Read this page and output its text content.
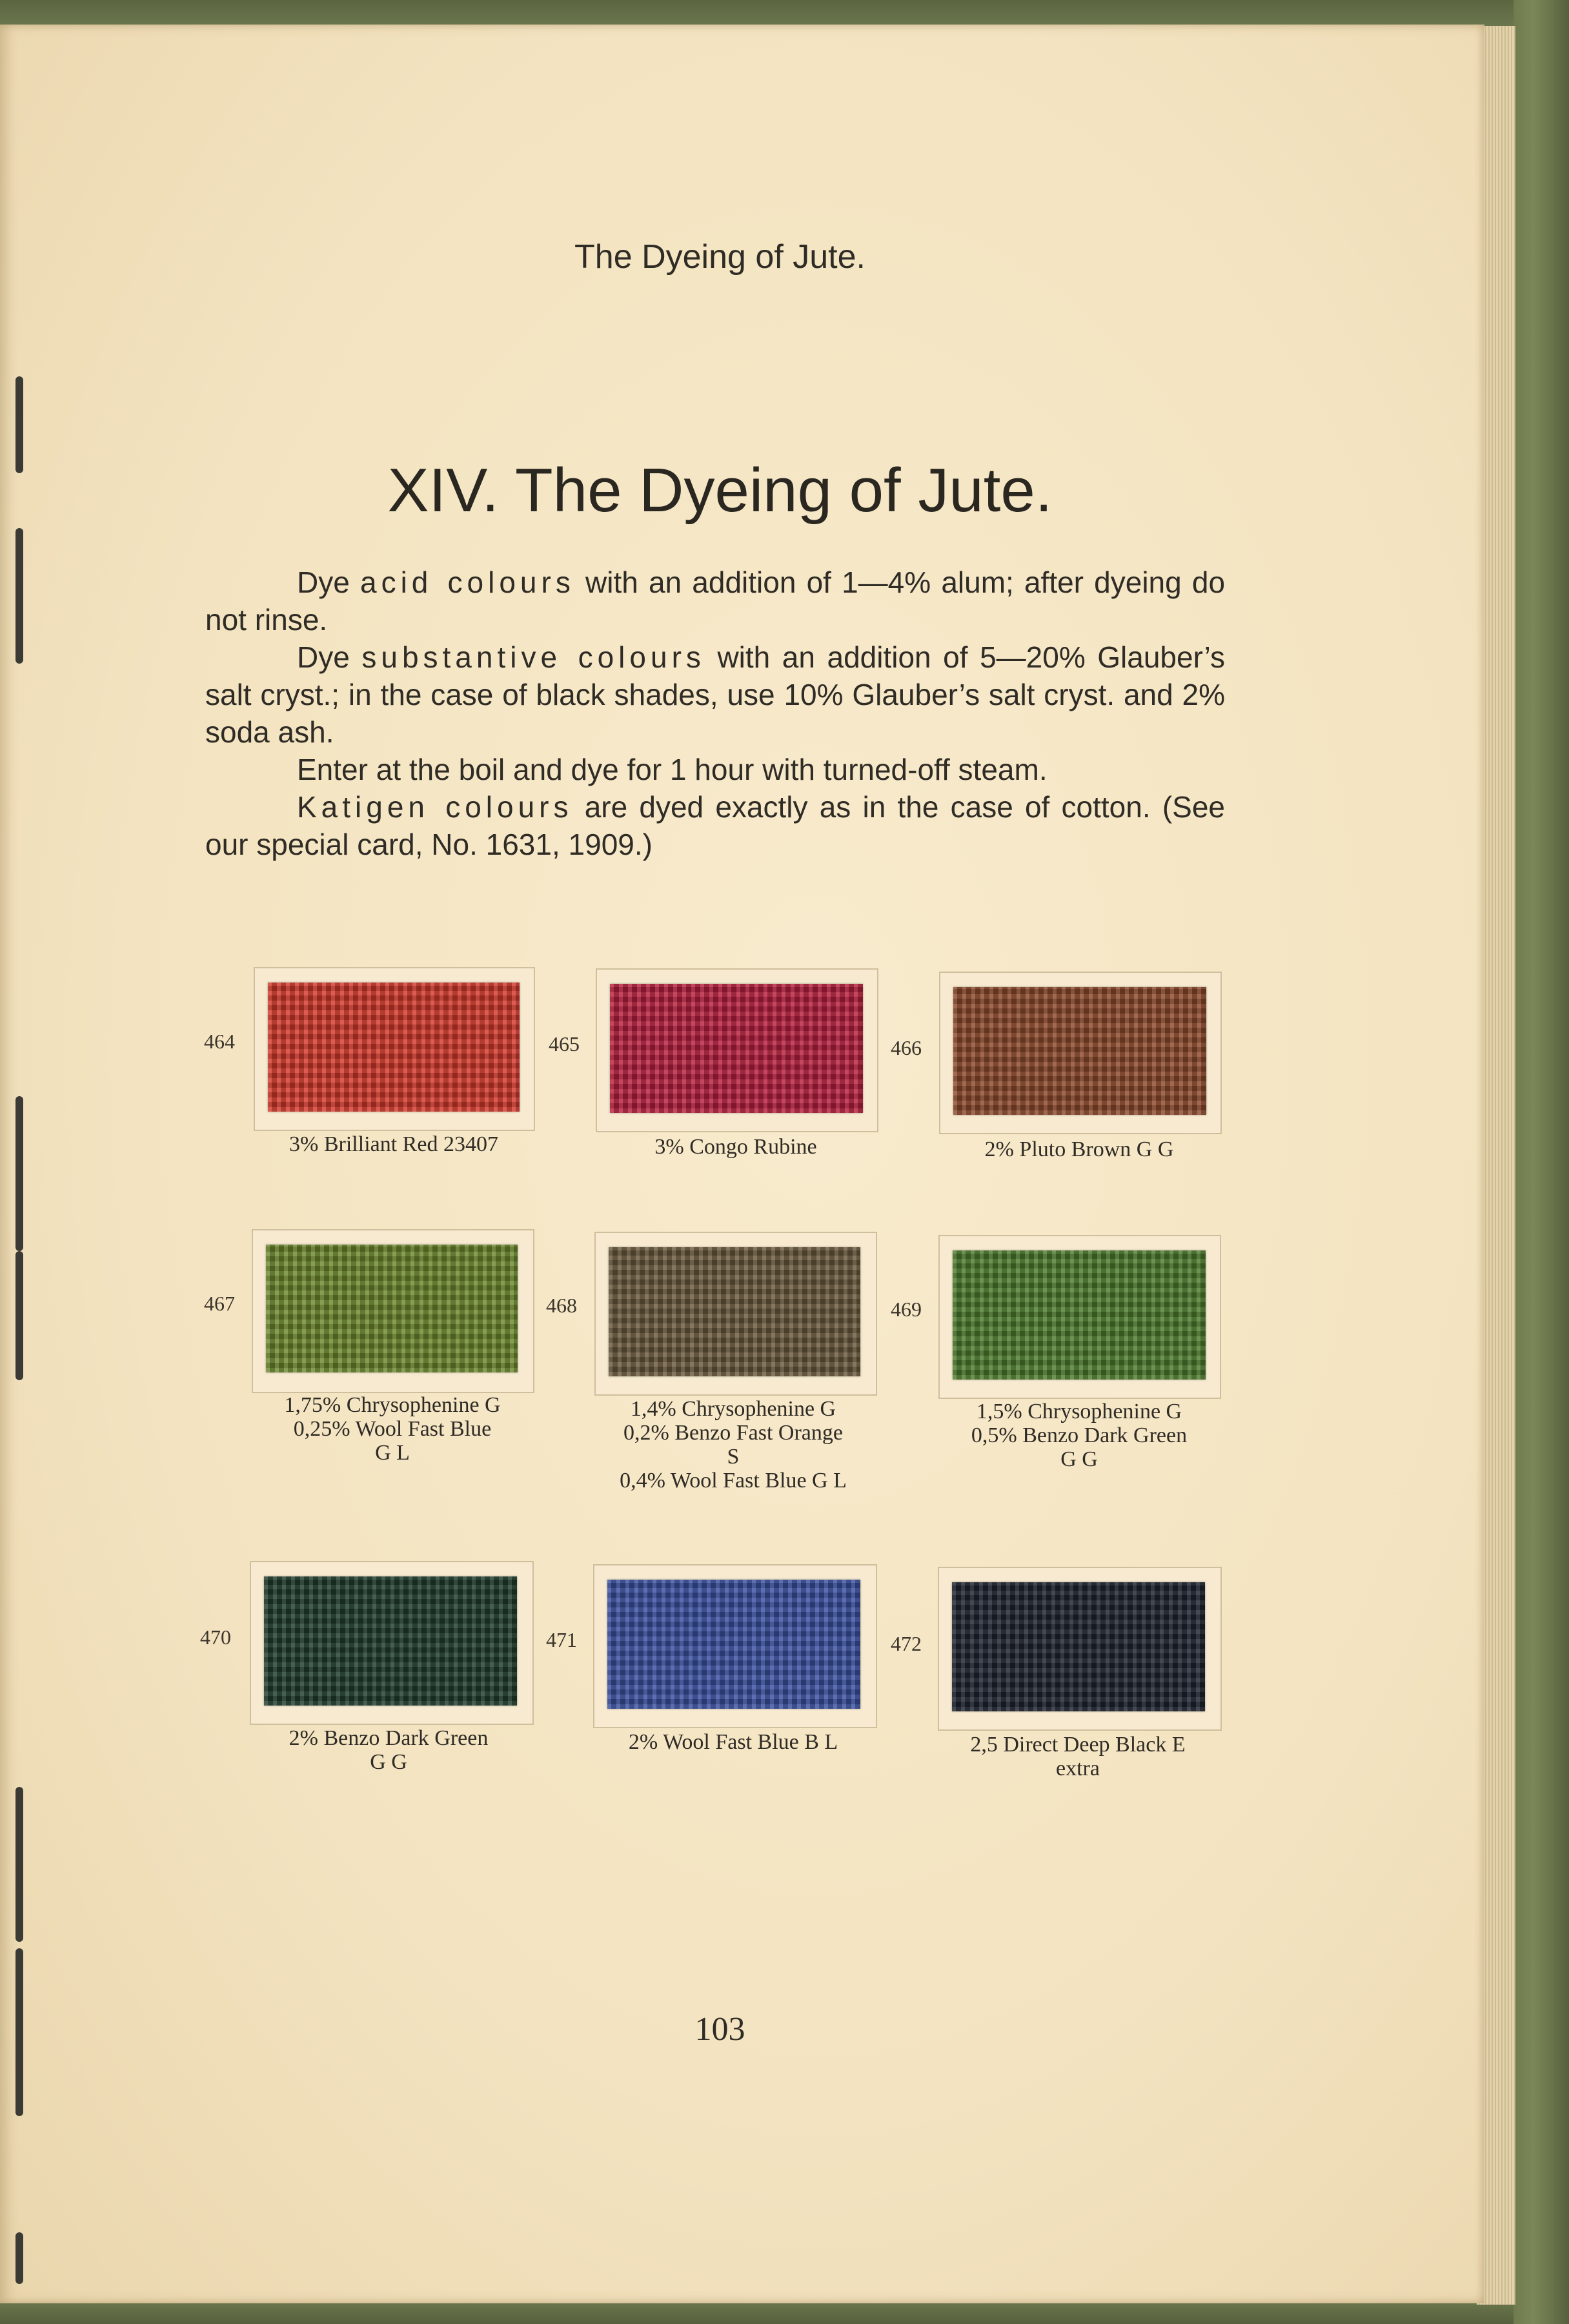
The Dyeing of Jute.
XIV. The Dyeing of Jute.

Dye acid colours with an addition of 1—4% alum; after dyeing do not rinse.

Dye substantive colours with an addition of 5—20% Glauber’s salt cryst.; in the case of black shades, use 10% Glauber’s salt cryst. and 2% soda ash.

Enter at the boil and dye for 1 hour with turned-off steam.

Katigen colours are dyed exactly as in the case of cotton. (See our special card, No. 1631, 1909.)

464
3% Brilliant Red 23407
465
3% Congo Rubine
466
2% Pluto Brown G G
467
1,75% Chrysophenine G
0,25% Wool Fast Blue
G L
468
1,4% Chrysophenine G
0,2% Benzo Fast Orange
S
0,4% Wool Fast Blue G L
469
1,5% Chrysophenine G
0,5% Benzo Dark Green
G G
470
2% Benzo Dark Green
G G
471
2% Wool Fast Blue B L
472
2,5 Direct Deep Black E
extra
103
